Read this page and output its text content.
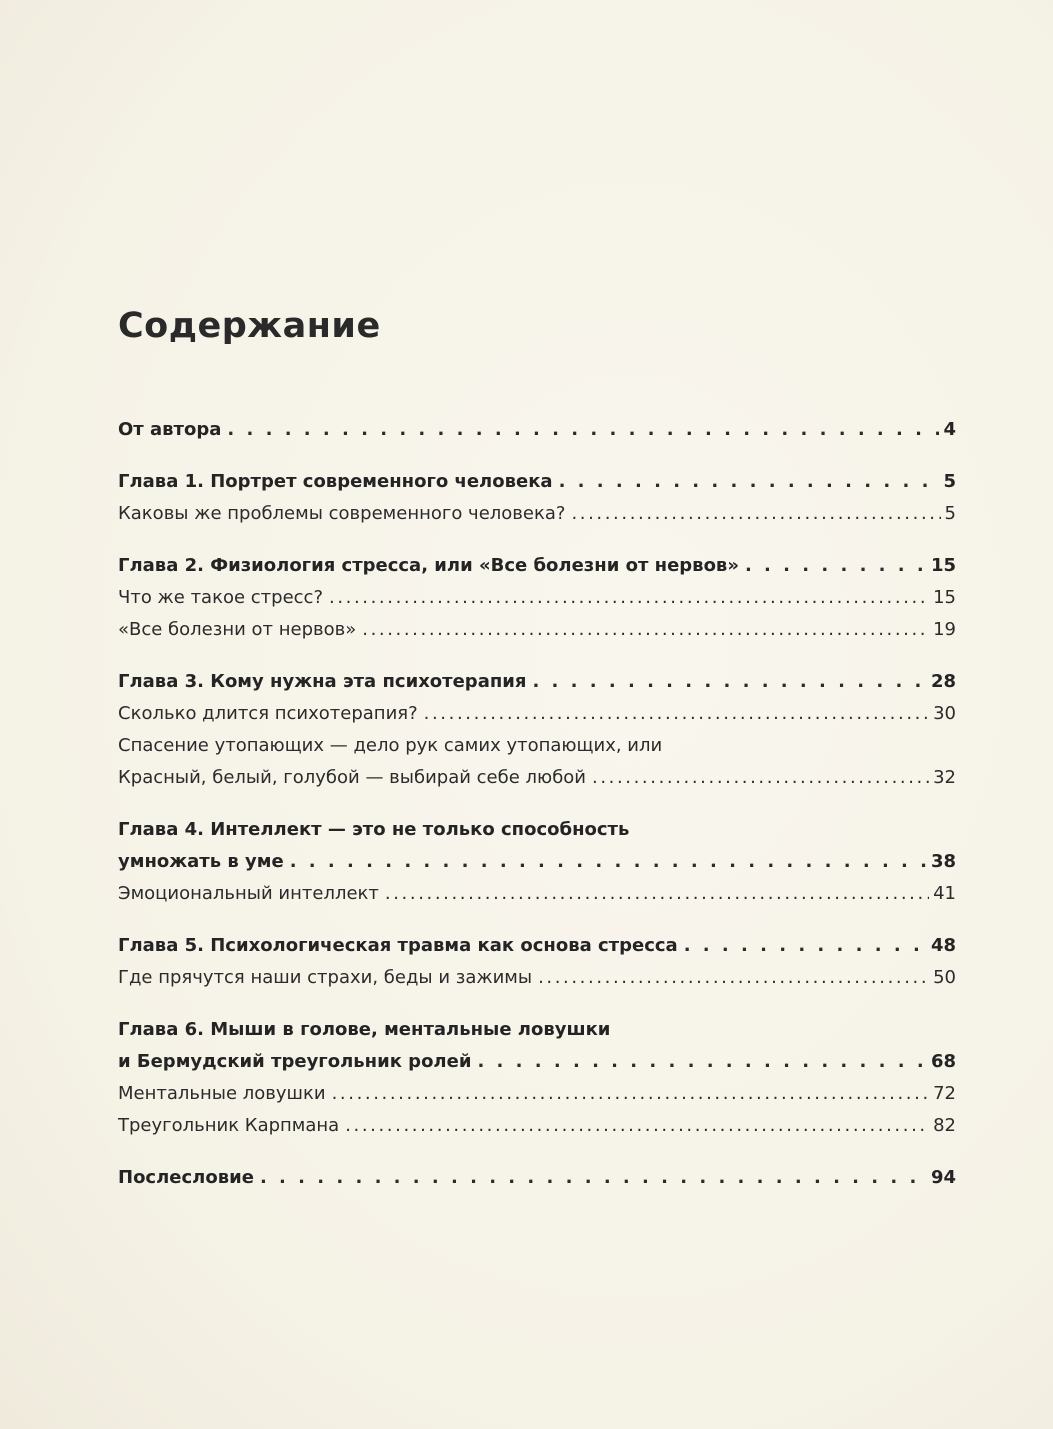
Содержание
От автора . . .	4
Глава 1. Портрет современного человека . . .	5
Каковы же проблемы современного человека? .....	5
Глава 2. Физиология стресса, или «Все болезни от нервов» . . .	15
Что же такое стресс? .....	15
«Все болезни от нервов» .....	19
Глава 3. Кому нужна эта психотерапия . . .	28
Сколько длится психотерапия? .....	30
Спасение утопающих — дело рук самих утопающих, или
Красный, белый, голубой — выбирай себе любой .....	32
Глава 4. Интеллект — это не только способность
умножать в уме . . .	38
Эмоциональный интеллект .....	41
Глава 5. Психологическая травма как основа стресса . . .	48
Где прячутся наши страхи, беды и зажимы .....	50
Глава 6. Мыши в голове, ментальные ловушки
и Бермудский треугольник ролей . . .	68
Ментальные ловушки .....	72
Треугольник Карпмана .....	82
Послесловие . . .	94
